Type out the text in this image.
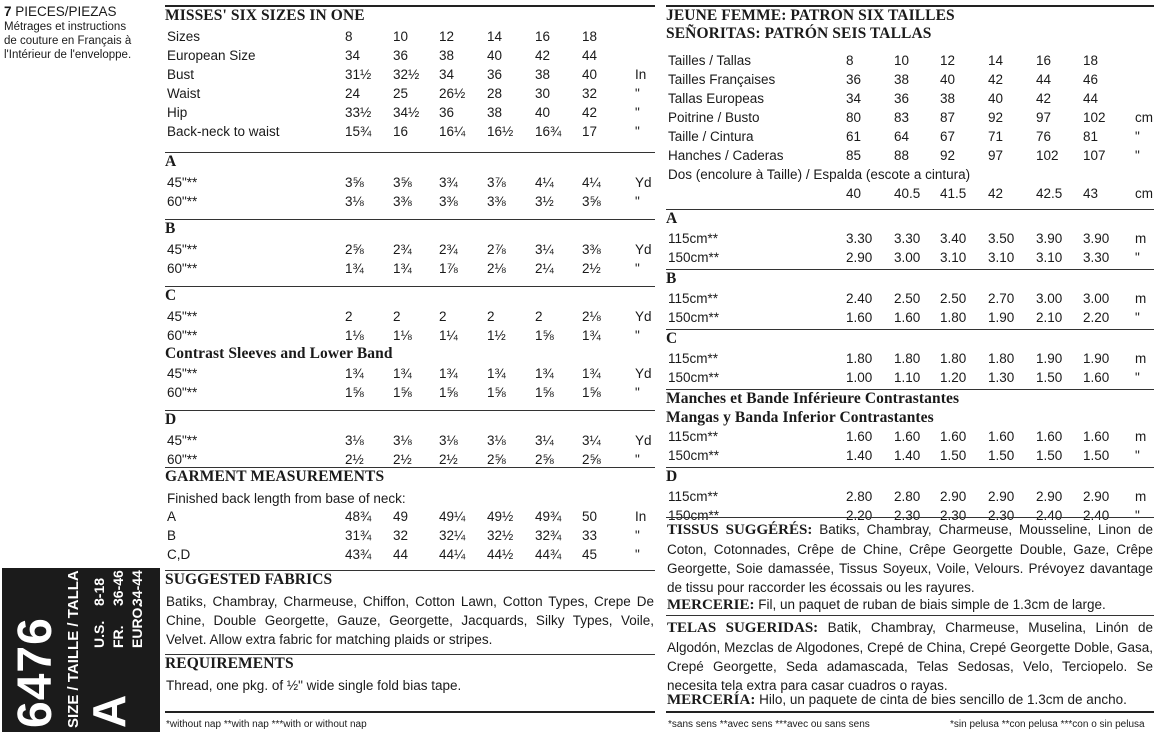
7 PIECES/PIEZAS
Métrages et instructions
de couture en Français à
l'Intérieur de l'enveloppe.
6476 SIZE / TAILLE / TALLA A
U.S.
8-18
FR.
36-46
EURO.
34-44
MISSES' SIX SIZES IN ONE
Sizes	8	10 12 14 16 18
European Size	34 36 38 40 42 44
Bust	31½ 32½ 34 36 38 40	In
Waist	24 25 26½ 28 30 32	"
Hip	33½ 34½ 36 38 40 42	"
Back-neck to waist	15¾ 16 16¼ 16½ 16¾ 17	"
A
45"**	3⅝ 3⅝ 3¾ 3⅞ 4¼ 4¼	Yd
60"**	3⅛ 3⅜ 3⅜ 3⅜ 3½ 3⅝	"
B
45"**	2⅝ 2¾ 2¾ 2⅞ 3¼ 3⅜	Yd
60"**	1¾ 1¾ 1⅞ 2⅛ 2¼ 2½	"
C
45"**	2	2	2	2	2	2⅛	Yd
60"**	1⅛ 1⅛ 1¼ 1½ 1⅝ 1¾	"
Contrast Sleeves and Lower Band
45"**	1¾ 1¾ 1¾ 1¾ 1¾ 1¾	Yd
60"**	1⅝ 1⅝ 1⅝ 1⅝ 1⅝ 1⅝	"
D
45"**	3⅛ 3⅛ 3⅛ 3⅛ 3¼ 3¼	Yd
60"**	2½ 2½ 2½ 2⅝ 2⅝ 2⅝	"
GARMENT MEASUREMENTS
Finished back length from base of neck:
A	48¾ 49 49¼ 49½ 49¾ 50	In
B	31¾ 32 32¼ 32½ 32¾ 33	"
C,D	43¾ 44 44¼ 44½ 44¾ 45	"
SUGGESTED FABRICS
Batiks, Chambray, Charmeuse, Chiffon, Cotton Lawn, Cotton Types, Crepe De Chine, Double Georgette, Gauze, Georgette, Jacquards, Silky Types, Voile, Velvet. Allow extra fabric for matching plaids or stripes.
REQUIREMENTS
Thread, one pkg. of ½" wide single fold bias tape.
*without nap **with nap ***with or without nap
JEUNE FEMME: PATRON SIX TAILLES
SEÑORITAS: PATRÓN SEIS TALLAS
Tailles / Tallas	8	10 12 14 16 18
Tailles Françaises	36 38 40 42 44 46
Tallas Europeas	34 36 38 40 42 44
Poitrine / Busto	80 83 87 92 97 102 cm
Taille / Cintura	61 64 67 71 76 81	"
Hanches / Caderas	85 88 92 97 102 107 "
Dos (encolure à Taille) / Espalda (escote a cintura)
40 40.5 41.5 42 42.5 43	cm
A
115cm**	3.30 3.30 3.40 3.50 3.90 3.90 m
150cm**	2.90 3.00 3.10 3.10 3.10 3.30 "
B
115cm**	2.40 2.50 2.50 2.70 3.00 3.00 m
150cm**	1.60 1.60 1.80 1.90 2.10 2.20 "
C
115cm**	1.80 1.80 1.80 1.80 1.90 1.90 m
150cm**	1.00 1.10 1.20 1.30 1.50 1.60 "
Manches et Bande Inférieure Contrastantes
Mangas y Banda Inferior Contrastantes
115cm**	1.60 1.60 1.60 1.60 1.60 1.60 m
150cm**	1.40 1.40 1.50 1.50 1.50 1.50 "
D
115cm**	2.80 2.80 2.90 2.90 2.90 2.90 m
150cm**	2.20 2.30 2.30 2.30 2.40 2.40 "
TISSUS SUGGÉRÉS: Batiks, Chambray, Charmeuse, Mousseline, Linon de Coton, Cotonnades, Crêpe de Chine, Crêpe Georgette Double, Gaze, Crêpe Georgette, Soie damassée, Tissus Soyeux, Voile, Velours. Prévoyez davantage de tissu pour raccorder les écossais ou les rayures.
MERCERIE: Fil, un paquet de ruban de biais simple de 1.3cm de large.
TELAS SUGERIDAS: Batik, Chambray, Charmeuse, Muselina, Linón de Algodón, Mezclas de Algodones, Crepé de China, Crepé Georgette Doble, Gasa, Crepé Georgette, Seda adamascada, Telas Sedosas, Velo, Terciopelo. Se necesita tela extra para casar cuadros o rayas.
MERCERÍA: Hilo, un paquete de cinta de bies sencillo de 1.3cm de ancho.
*sans sens **avec sens ***avec ou sans sens	*sin pelusa **con pelusa ***con o sin pelusa
